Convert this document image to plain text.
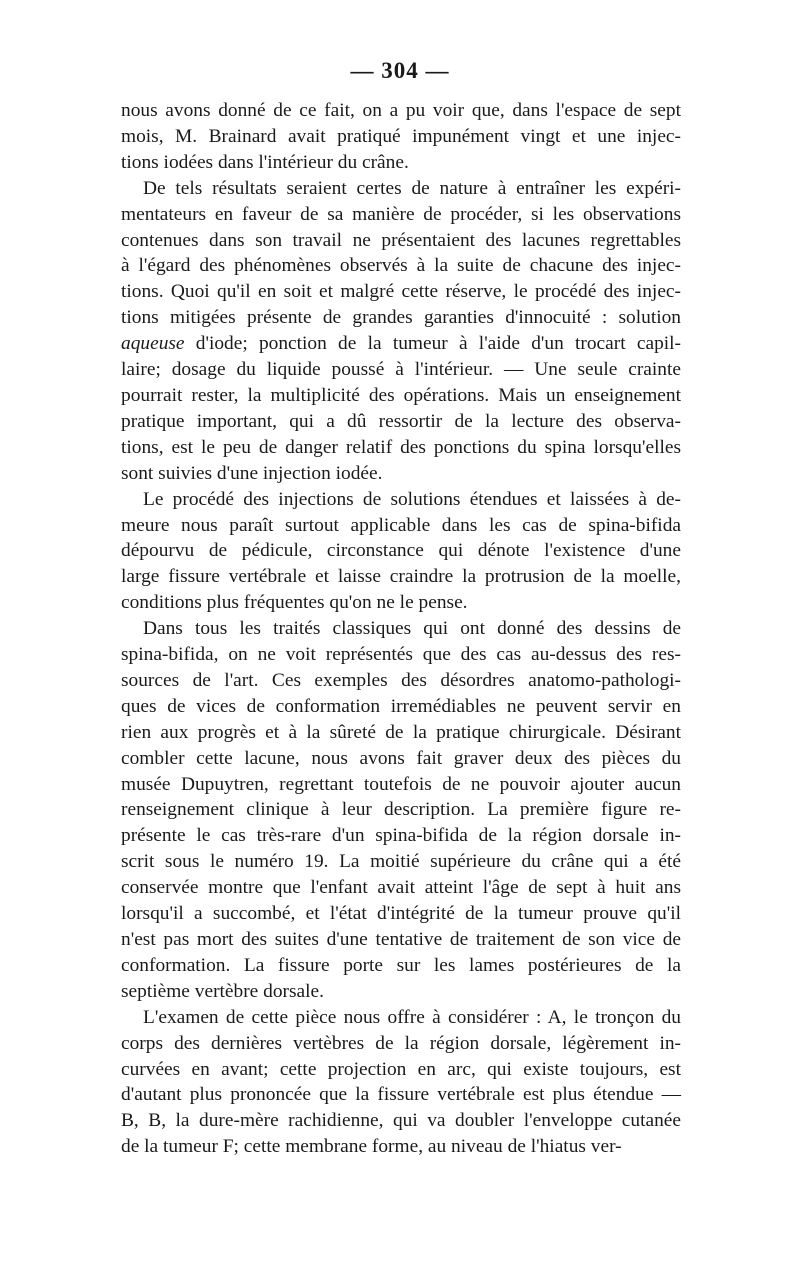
— 304 —
nous avons donné de ce fait, on a pu voir que, dans l'espace de sept
mois, M. Brainard avait pratiqué impunément vingt et une injec-
tions iodées dans l'intérieur du crâne.
De tels résultats seraient certes de nature à entraîner les expéri-
mentateurs en faveur de sa manière de procéder, si les observations
contenues dans son travail ne présentaient des lacunes regrettables
à l'égard des phénomènes observés à la suite de chacune des injec-
tions. Quoi qu'il en soit et malgré cette réserve, le procédé des injec-
tions mitigées présente de grandes garanties d'innocuité : solution
aqueuse d'iode; ponction de la tumeur à l'aide d'un trocart capil-
laire; dosage du liquide poussé à l'intérieur. — Une seule crainte
pourrait rester, la multiplicité des opérations. Mais un enseignement
pratique important, qui a dû ressortir de la lecture des observa-
tions, est le peu de danger relatif des ponctions du spina lorsqu'elles
sont suivies d'une injection iodée.
Le procédé des injections de solutions étendues et laissées à de-
meure nous paraît surtout applicable dans les cas de spina-bifida
dépourvu de pédicule, circonstance qui dénote l'existence d'une
large fissure vertébrale et laisse craindre la protrusion de la moelle,
conditions plus fréquentes qu'on ne le pense.
Dans tous les traités classiques qui ont donné des dessins de
spina-bifida, on ne voit représentés que des cas au-dessus des res-
sources de l'art. Ces exemples des désordres anatomo-pathologi-
ques de vices de conformation irremédiables ne peuvent servir en
rien aux progrès et à la sûreté de la pratique chirurgicale. Désirant
combler cette lacune, nous avons fait graver deux des pièces du
musée Dupuytren, regrettant toutefois de ne pouvoir ajouter aucun
renseignement clinique à leur description. La première figure re-
présente le cas très-rare d'un spina-bifida de la région dorsale in-
scrit sous le numéro 19. La moitié supérieure du crâne qui a été
conservée montre que l'enfant avait atteint l'âge de sept à huit ans
lorsqu'il a succombé, et l'état d'intégrité de la tumeur prouve qu'il
n'est pas mort des suites d'une tentative de traitement de son vice de
conformation. La fissure porte sur les lames postérieures de la
septième vertèbre dorsale.
L'examen de cette pièce nous offre à considérer : A, le tronçon du
corps des dernières vertèbres de la région dorsale, légèrement in-
curvées en avant; cette projection en arc, qui existe toujours, est
d'autant plus prononcée que la fissure vertébrale est plus étendue —
B, B, la dure-mère rachidienne, qui va doubler l'enveloppe cutanée
de la tumeur F; cette membrane forme, au niveau de l'hiatus ver-
